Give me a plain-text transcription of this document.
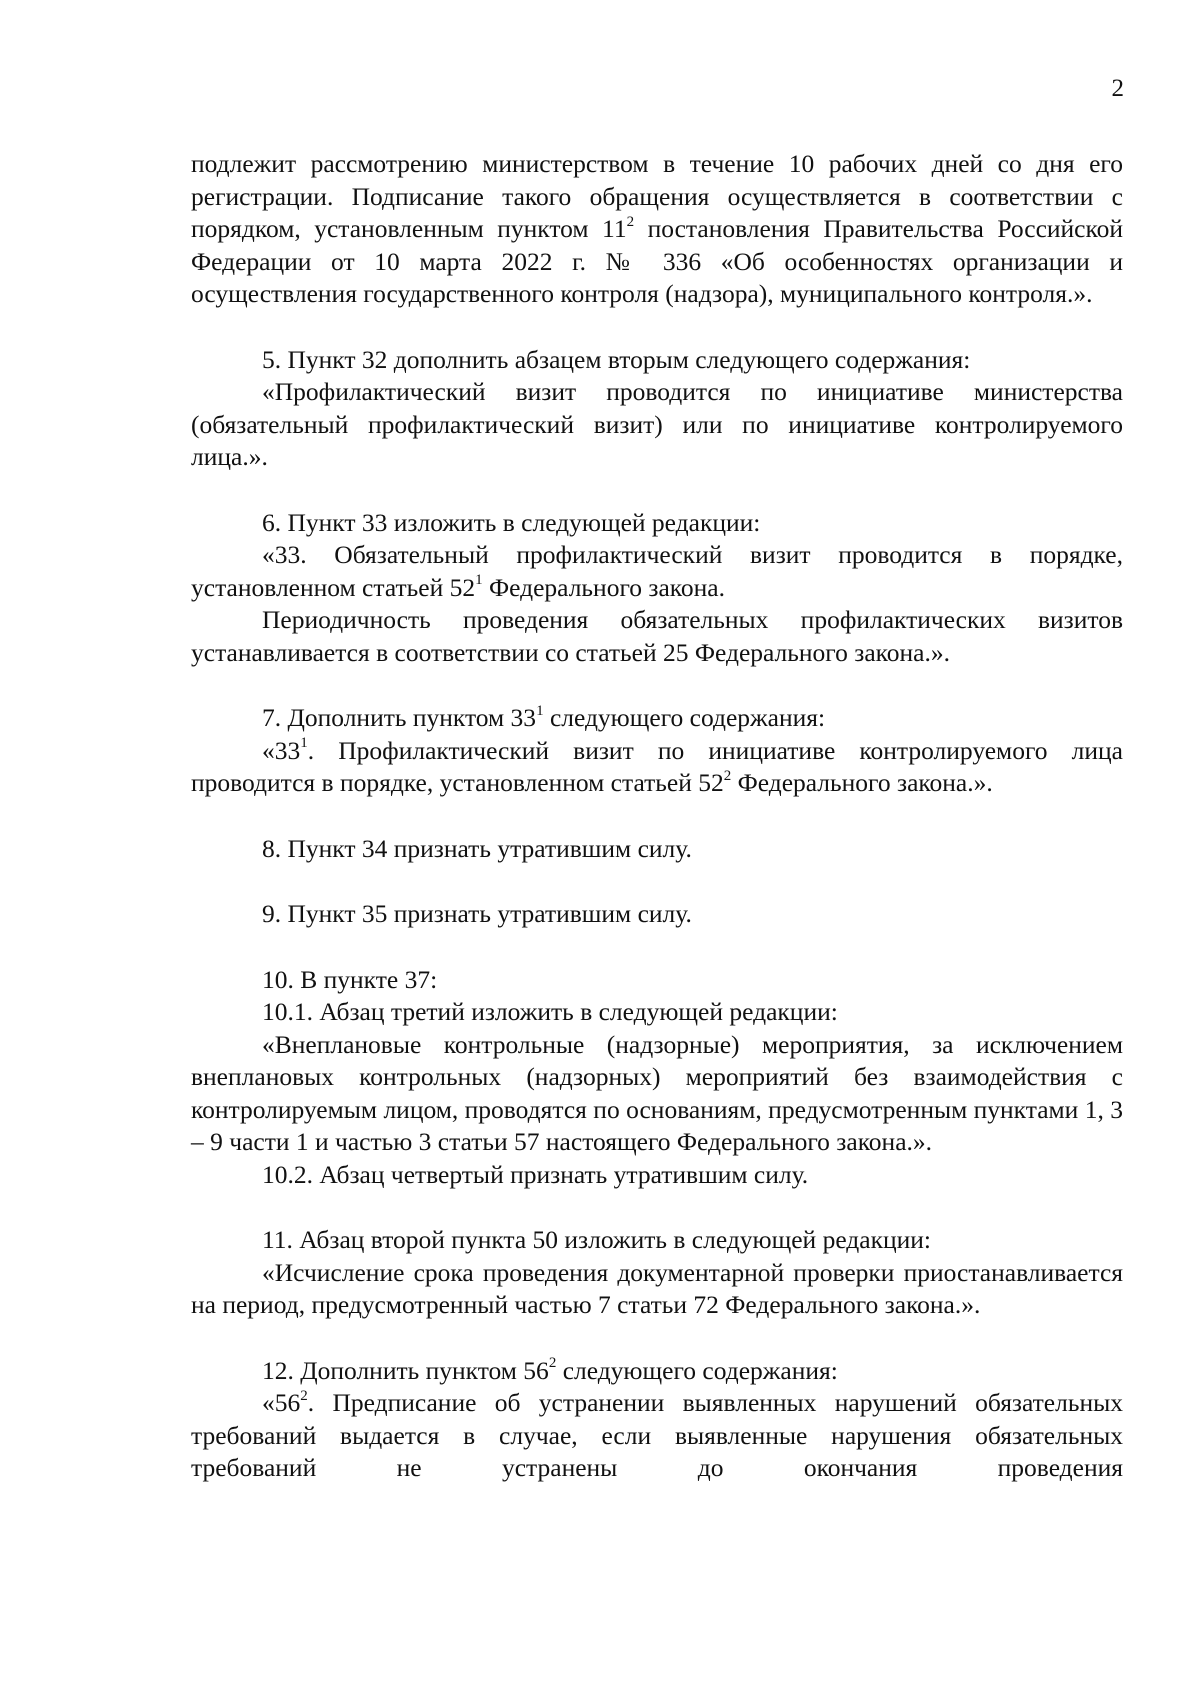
2

подлежит рассмотрению министерством в течение 10 рабочих дней со дня его регистрации. Подписание такого обращения осуществляется в соответствии с порядком, установленным пунктом $11^2$ постановления Правительства Российской Федерации от 10 марта 2022 г. № 336 «Об особенностях организации и осуществления государственного контроля (надзора), муниципального контроля.».

5. Пункт 32 дополнить абзацем вторым следующего содержания:

«Профилактический визит проводится по инициативе министерства (обязательный профилактический визит) или по инициативе контролируемого лица.».

6. Пункт 33 изложить в следующей редакции:

«33. Обязательный профилактический визит проводится в порядке, установленном статьей $52^1$ Федерального закона.

Периодичность проведения обязательных профилактических визитов устанавливается в соответствии со статьей 25 Федерального закона.».

7. Дополнить пунктом $33^1$ следующего содержания:

«$33^1$. Профилактический визит по инициативе контролируемого лица проводится в порядке, установленном статьей $52^2$ Федерального закона.».

8. Пункт 34 признать утратившим силу.

9. Пункт 35 признать утратившим силу.

10. В пункте 37:

10.1. Абзац третий изложить в следующей редакции:

«Внеплановые контрольные (надзорные) мероприятия, за исключением внеплановых контрольных (надзорных) мероприятий без взаимодействия с контролируемым лицом, проводятся по основаниям, предусмотренным пунктами 1, 3 – 9 части 1 и частью 3 статьи 57 настоящего Федерального закона.».

10.2. Абзац четвертый признать утратившим силу.

11. Абзац второй пункта 50 изложить в следующей редакции:

«Исчисление срока проведения документарной проверки приостанавливается на период, предусмотренный частью 7 статьи 72 Федерального закона.».

12. Дополнить пунктом $56^2$ следующего содержания:

«$56^2$. Предписание об устранении выявленных нарушений обязательных требований выдается в случае, если выявленные нарушения обязательных требований не устранены до окончания проведения
